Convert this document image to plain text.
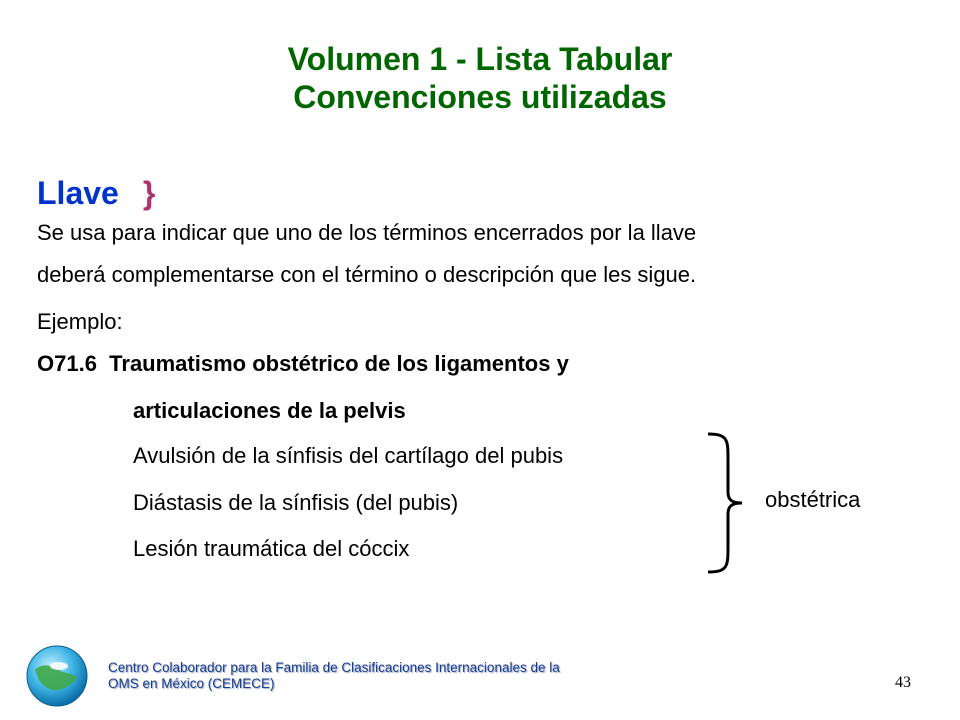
Volumen 1 - Lista Tabular
Convenciones utilizadas
Llave }
Se usa para indicar que uno de los términos encerrados por la llave
deberá complementarse con el término o descripción que les sigue.
Ejemplo:
O71.6  Traumatismo obstétrico de los ligamentos y
articulaciones de la pelvis
Avulsión de la sínfisis del cartílago del pubis
Diástasis de la sínfisis (del pubis)
Lesión traumática del cóccix
obstétrica
Centro Colaborador para la Familia de Clasificaciones Internacionales de la
OMS en México (CEMECE)	43
